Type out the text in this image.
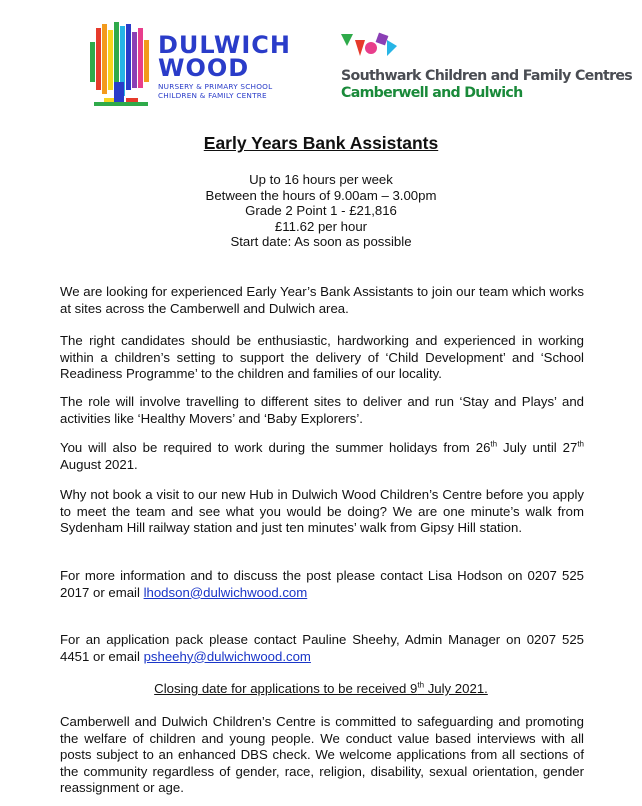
DULWICH
WOOD
NURSERY & PRIMARY SCHOOL
CHILDREN & FAMILY CENTRE
Southwark Children and Family Centres
Camberwell and Dulwich
Early Years Bank Assistants
Up to 16 hours per week
Between the hours of 9.00am – 3.00pm
Grade 2 Point 1 - £21,816
£11.62 per hour
Start date: As soon as possible

We are looking for experienced Early Year’s Bank Assistants to join our team which works at sites across the Camberwell and Dulwich area.

The right candidates should be enthusiastic, hardworking and experienced in working within a children’s setting to support the delivery of ‘Child Development’ and ‘School Readiness Programme’ to the children and families of our locality.

The role will involve travelling to different sites to deliver and run ‘Stay and Plays’ and activities like ‘Healthy Movers’ and ‘Baby Explorers’.

You will also be required to work during the summer holidays from 26th July until 27th August 2021.

Why not book a visit to our new Hub in Dulwich Wood Children’s Centre before you apply to meet the team and see what you would be doing? We are one minute’s walk from Sydenham Hill railway station and just ten minutes’ walk from Gipsy Hill station.

For more information and to discuss the post please contact Lisa Hodson on 0207 525 2017 or email lhodson@dulwichwood.com

For an application pack please contact Pauline Sheehy, Admin Manager on 0207 525 4451 or email psheehy@dulwichwood.com

Closing date for applications to be received 9th July 2021.

Camberwell and Dulwich Children’s Centre is committed to safeguarding and promoting the welfare of children and young people. We conduct value based interviews with all posts subject to an enhanced DBS check. We welcome applications from all sections of the community regardless of gender, race, religion, disability, sexual orientation, gender reassignment or age.
